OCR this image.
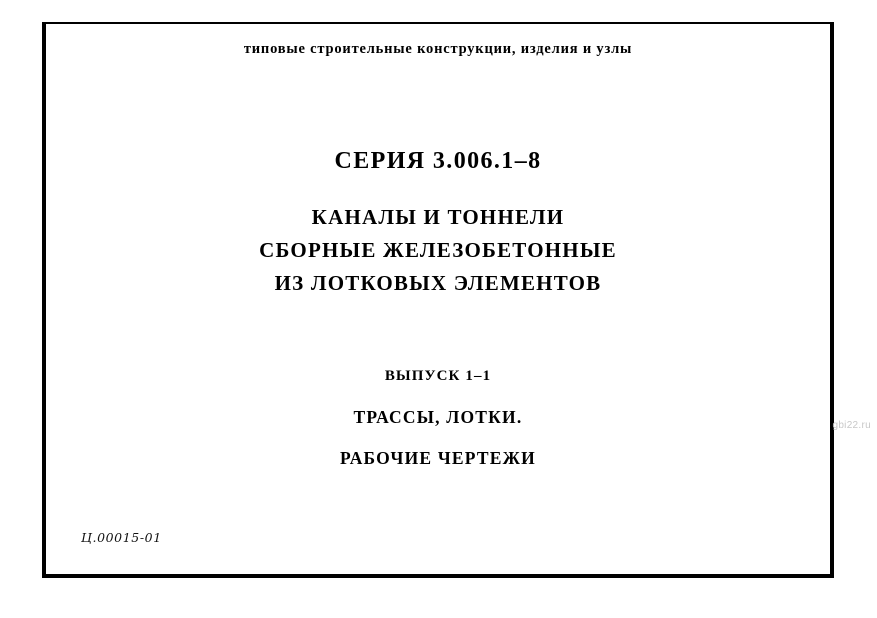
типовые строительные конструкции, изделия и узлы
СЕРИЯ 3.006.1–8
КАНАЛЫ И ТОННЕЛИ
СБОРНЫЕ ЖЕЛЕЗОБЕТОННЫЕ
ИЗ ЛОТКОВЫХ ЭЛЕМЕНТОВ
ВЫПУСК 1–1
ТРАССЫ, ЛОТКИ.
РАБОЧИЕ ЧЕРТЕЖИ
Ц.00015-01
gbi22.ru
